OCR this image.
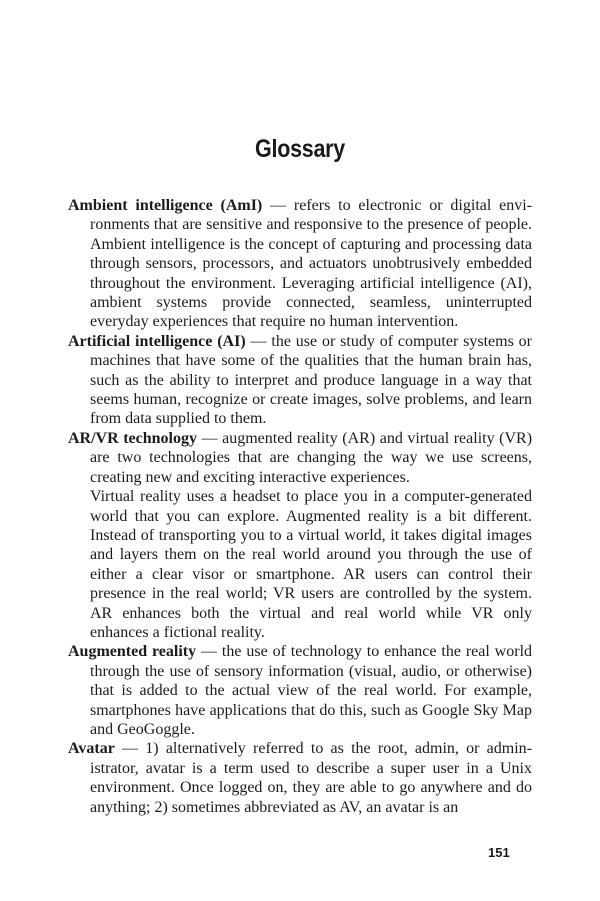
Glossary

Ambient intelligence (AmI) — refers to electronic or digital environments that are sensitive and responsive to the presence of people. Ambient intelligence is the concept of capturing and processing data through sensors, processors, and actuators unobtrusively embedded throughout the environment. Leveraging artificial intelligence (AI), ambient systems provide connected, seamless, uninterrupted everyday experiences that require no human intervention.

Artificial intelligence (AI) — the use or study of computer systems or machines that have some of the qualities that the human brain has, such as the ability to interpret and produce language in a way that seems human, recognize or create images, solve problems, and learn from data supplied to them.

AR/VR technology — augmented reality (AR) and virtual reality (VR) are two technologies that are changing the way we use screens, creating new and exciting interactive experiences.

Virtual reality uses a headset to place you in a computer-generated world that you can explore. Augmented reality is a bit different. Instead of transporting you to a virtual world, it takes digital images and layers them on the real world around you through the use of either a clear visor or smartphone. AR users can control their presence in the real world; VR users are controlled by the system. AR enhances both the virtual and real world while VR only enhances a fictional reality.

Augmented reality — the use of technology to enhance the real world through the use of sensory information (visual, audio, or otherwise) that is added to the actual view of the real world. For example, smartphones have applications that do this, such as Google Sky Map and GeoGoggle.

Avatar — 1) alternatively referred to as the root, admin, or administrator, avatar is a term used to describe a super user in a Unix environment. Once logged on, they are able to go anywhere and do anything; 2) sometimes abbreviated as AV, an avatar is an

151
